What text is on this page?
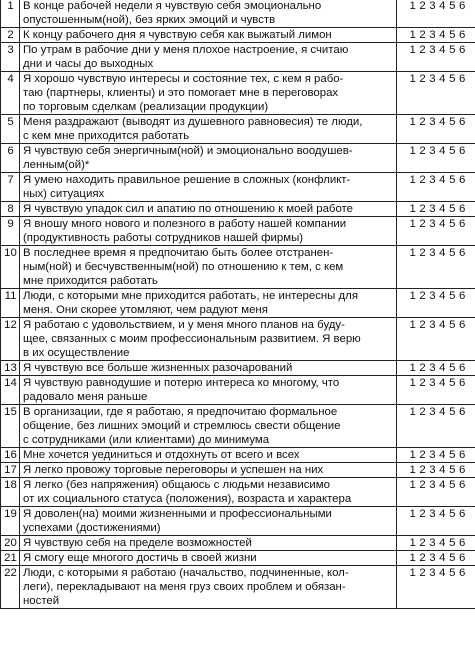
1	В конце рабочей недели я чувствую себя эмоционально
опустошенным(ной), без ярких эмоций и чувств	1 2 3 4 5 6
2	К концу рабочего дня я чувствую себя как выжатый лимон	1 2 3 4 5 6
3	По утрам в рабочие дни у меня плохое настроение, я считаю
дни и часы до выходных	1 2 3 4 5 6
4	Я хорошо чувствую интересы и состояние тех, с кем я рабо-
таю (партнеры, клиенты) и это помогает мне в переговорах
по торговым сделкам (реализации продукции)	1 2 3 4 5 6
5	Меня раздражают (выводят из душевного равновесия) те люди,
с кем мне приходится работать	1 2 3 4 5 6
6	Я чувствую себя энергичным(ной) и эмоционально воодушев-
ленным(ой)*	1 2 3 4 5 6
7	Я умею находить правильное решение в сложных (конфликт-
ных) ситуациях	1 2 3 4 5 6
8	Я чувствую упадок сил и апатию по отношению к моей работе	1 2 3 4 5 6
9	Я вношу много нового и полезного в работу нашей компании
(продуктивность работы сотрудников нашей фирмы)	1 2 3 4 5 6
10	В последнее время я предпочитаю быть более отстранен-
ным(ной) и бесчувственным(ной) по отношению к тем, с кем
мне приходится работать	1 2 3 4 5 6
11	Люди, с которыми мне приходится работать, не интересны для
меня. Они скорее утомляют, чем радуют меня	1 2 3 4 5 6
12	Я работаю с удовольствием, и у меня много планов на буду-
щее, связанных с моим профессиональным развитием. Я верю
в их осуществление	1 2 3 4 5 6
13	Я чувствую все больше жизненных разочарований	1 2 3 4 5 6
14	Я чувствую равнодушие и потерю интереса ко многому, что
радовало меня раньше	1 2 3 4 5 6
15	В организации, где я работаю, я предпочитаю формальное
общение, без лишних эмоций и стремлюсь свести общение
с сотрудниками (или клиентами) до минимума	1 2 3 4 5 6
16	Мне хочется уединиться и отдохнуть от всего и всех	1 2 3 4 5 6
17	Я легко провожу торговые переговоры и успешен на них	1 2 3 4 5 6
18	Я легко (без напряжения) общаюсь с людьми независимо
от их социального статуса (положения), возраста и характера	1 2 3 4 5 6
19	Я доволен(на) моими жизненными и профессиональными
успехами (достижениями)	1 2 3 4 5 6
20	Я чувствую себя на пределе возможностей	1 2 3 4 5 6
21	Я смогу еще многого достичь в своей жизни	1 2 3 4 5 6
22	Люди, с которыми я работаю (начальство, подчиненные, кол-
леги), перекладывают на меня груз своих проблем и обязан-
ностей	1 2 3 4 5 6
